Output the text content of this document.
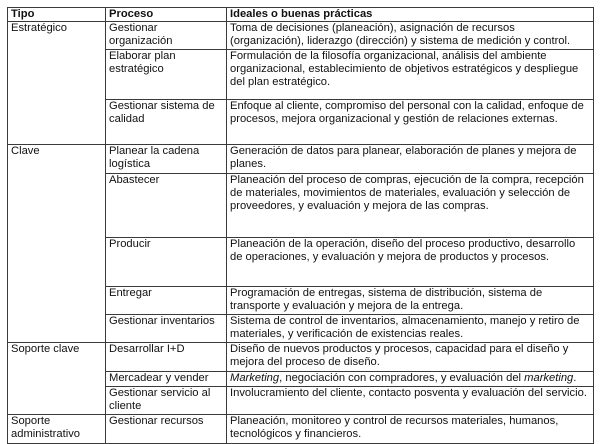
Tipo	Proceso	Ideales o buenas prácticas
Estratégico	Gestionar organización	Toma de decisiones (planeación), asignación de recursos (organización), liderazgo (dirección) y sistema de medición y control.
	Elaborar plan estratégico	Formulación de la filosofía organizacional, análisis del ambiente organizacional, establecimiento de objetivos estratégicos y despliegue del plan estratégico.
	Gestionar sistema de calidad	Enfoque al cliente, compromiso del personal con la calidad, enfoque de procesos, mejora organizacional y gestión de relaciones externas.
Clave	Planear la cadena logística	Generación de datos para planear, elaboración de planes y mejora de planes.
	Abastecer	Planeación del proceso de compras, ejecución de la compra, recepción de materiales, movimientos de materiales, evaluación y selección de proveedores, y evaluación y mejora de las compras.
	Producir	Planeación de la operación, diseño del proceso productivo, desarrollo de operaciones, y evaluación y mejora de productos y procesos.
	Entregar	Programación de entregas, sistema de distribución, sistema de transporte y evaluación y mejora de la entrega.
	Gestionar inventarios	Sistema de control de inventarios, almacenamiento, manejo y retiro de materiales, y verificación de existencias reales.
Soporte clave	Desarrollar I+D	Diseño de nuevos productos y procesos, capacidad para el diseño y mejora del proceso de diseño.
	Mercadear y vender	Marketing, negociación con compradores, y evaluación del marketing.
	Gestionar servicio al cliente	Involucramiento del cliente, contacto posventa y evaluación del servicio.
Soporte administrativo	Gestionar recursos	Planeación, monitoreo y control de recursos materiales, humanos, tecnológicos y financieros.
